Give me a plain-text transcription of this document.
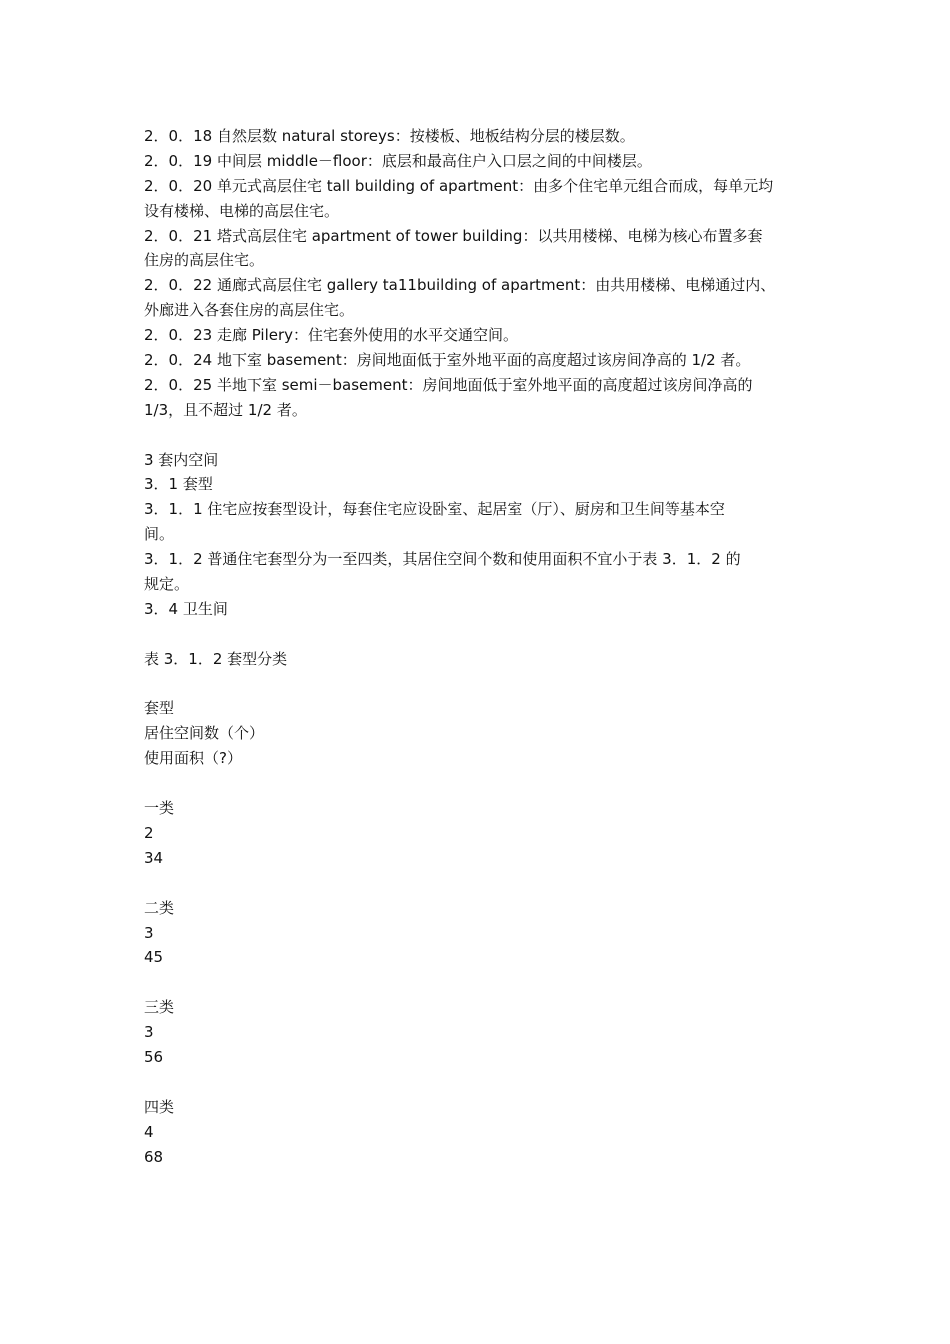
2．0．18 自然层数 natural storeys：按楼板、地板结构分层的楼层数。
2．0．19 中间层 middle－floor：底层和最高住户入口层之间的中间楼层。
2．0．20 单元式高层住宅 tall building of apartment：由多个住宅单元组合而成，每单元均
设有楼梯、电梯的高层住宅。
2．0．21 塔式高层住宅 apartment of tower building：以共用楼梯、电梯为核心布置多套
住房的高层住宅。
2．0．22 通廊式高层住宅 gallery ta11building of apartment：由共用楼梯、电梯通过内、
外廊进入各套住房的高层住宅。
2．0．23 走廊 Pilery：住宅套外使用的水平交通空间。
2．0．24 地下室 basement：房间地面低于室外地平面的高度超过该房间净高的 1/2 者。
2．0．25 半地下室 semi－basement：房间地面低于室外地平面的高度超过该房间净高的
1/3，且不超过 1/2 者。
3 套内空间
3．1 套型
3．1．1 住宅应按套型设计，每套住宅应设卧室、起居室（厅）、厨房和卫生间等基本空
间。
3．1．2 普通住宅套型分为一至四类，其居住空间个数和使用面积不宜小于表 3．1．2 的
规定。
3．4 卫生间
表 3．1．2 套型分类
套型
居住空间数（个）
使用面积（?）
一类
2
34
二类
3
45
三类
3
56
四类
4
68
